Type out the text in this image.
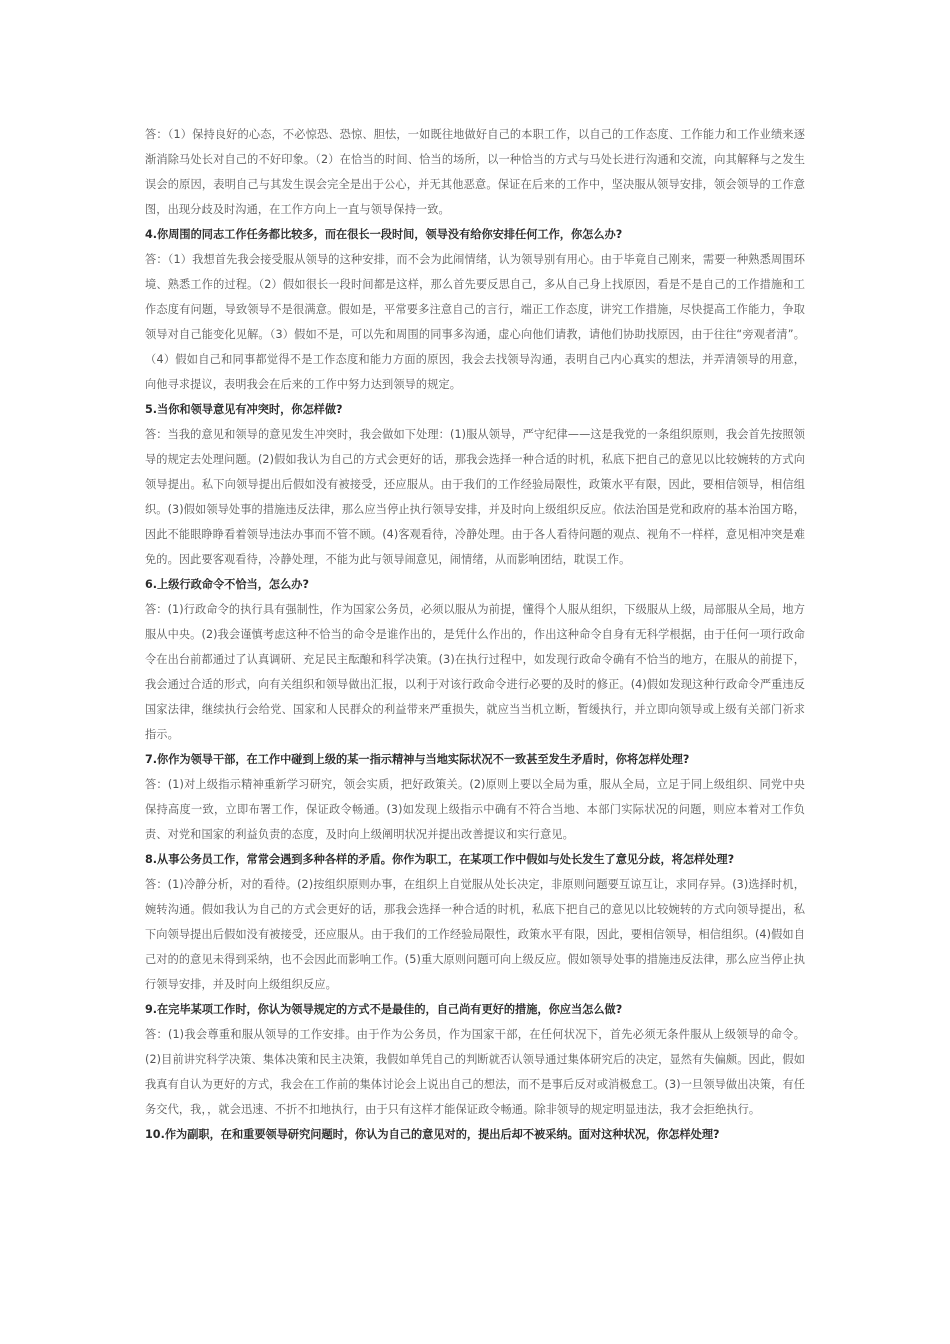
答：（1）保持良好的心态，不必惊恐、恐惊、胆怯，一如既往地做好自己的本职工作，以自己的工作态度、工作能力和工作业绩来逐渐消除马处长对自己的不好印象。（2）在恰当的时间、恰当的场所，以一种恰当的方式与马处长进行沟通和交流，向其解释与之发生误会的原因，表明自己与其发生误会完全是出于公心，并无其他恶意。保证在后来的工作中，坚决服从领导安排，领会领导的工作意图，出现分歧及时沟通，在工作方向上一直与领导保持一致。

4.你周围的同志工作任务都比较多，而在很长一段时间，领导没有给你安排任何工作，你怎么办?

答：（1）我想首先我会接受服从领导的这种安排，而不会为此闹情绪，认为领导别有用心。由于毕竟自己刚来，需要一种熟悉周围环境、熟悉工作的过程。（2）假如很长一段时间都是这样，那么首先要反思自己，多从自己身上找原因，看是不是自己的工作措施和工作态度有问题，导致领导不是很满意。假如是，平常要多注意自己的言行，端正工作态度，讲究工作措施，尽快提高工作能力，争取领导对自己能变化见解。（3）假如不是，可以先和周围的同事多沟通，虚心向他们请教，请他们协助找原因，由于往往“旁观者清”。（4）假如自己和同事都觉得不是工作态度和能力方面的原因，我会去找领导沟通，表明自己内心真实的想法，并弄清领导的用意，向他寻求提议，表明我会在后来的工作中努力达到领导的规定。

5.当你和领导意见有冲突时，你怎样做?

答：当我的意见和领导的意见发生冲突时，我会做如下处理：(1)服从领导，严守纪律——这是我党的一条组织原则，我会首先按照领导的规定去处理问题。(2)假如我认为自己的方式会更好的话，那我会选择一种合适的时机，私底下把自己的意见以比较婉转的方式向领导提出。私下向领导提出后假如没有被接受，还应服从。由于我们的工作经验局限性，政策水平有限，因此，要相信领导，相信组织。(3)假如领导处事的措施违反法律，那么应当停止执行领导安排，并及时向上级组织反应。依法治国是党和政府的基本治国方略，因此不能眼睁睁看着领导违法办事而不管不顾。(4)客观看待，冷静处理。由于各人看待问题的观点、视角不一样样，意见相冲突是难免的。因此要客观看待，冷静处理，不能为此与领导闹意见，闹情绪，从而影响团结，耽误工作。

6.上级行政命令不恰当，怎么办?

答：(1)行政命令的执行具有强制性，作为国家公务员，必须以服从为前提，懂得个人服从组织，下级服从上级，局部服从全局，地方服从中央。(2)我会谨慎考虑这种不恰当的命令是谁作出的，是凭什么作出的，作出这种命令自身有无科学根据，由于任何一项行政命令在出台前都通过了认真调研、充足民主酝酿和科学决策。(3)在执行过程中，如发现行政命令确有不恰当的地方，在服从的前提下，我会通过合适的形式，向有关组织和领导做出汇报，以利于对该行政命令进行必要的及时的修正。(4)假如发现这种行政命令严重违反国家法律，继续执行会给党、国家和人民群众的利益带来严重损失，就应当当机立断，暂缓执行，并立即向领导或上级有关部门祈求指示。

7.你作为领导干部，在工作中碰到上级的某一指示精神与当地实际状况不一致甚至发生矛盾时，你将怎样处理?

答：(1)对上级指示精神重新学习研究，领会实质，把好政策关。(2)原则上要以全局为重，服从全局，立足于同上级组织、同党中央保持高度一致，立即布署工作，保证政令畅通。(3)如发现上级指示中确有不符合当地、本部门实际状况的问题，则应本着对工作负责、对党和国家的利益负责的态度，及时向上级阐明状况并提出改善提议和实行意见。

8.从事公务员工作，常常会遇到多种各样的矛盾。你作为职工，在某项工作中假如与处长发生了意见分歧，将怎样处理?

答：(1)冷静分析，对的看待。(2)按组织原则办事，在组织上自觉服从处长决定，非原则问题要互谅互让，求同存异。(3)选择时机，婉转沟通。假如我认为自己的方式会更好的话，那我会选择一种合适的时机，私底下把自己的意见以比较婉转的方式向领导提出，私下向领导提出后假如没有被接受，还应服从。由于我们的工作经验局限性，政策水平有限，因此，要相信领导，相信组织。(4)假如自己对的的意见未得到采纳，也不会因此而影响工作。(5)重大原则问题可向上级反应。假如领导处事的措施违反法律，那么应当停止执行领导安排，并及时向上级组织反应。

9.在完毕某项工作时，你认为领导规定的方式不是最佳的，自己尚有更好的措施，你应当怎么做?

答：(1)我会尊重和服从领导的工作安排。由于作为公务员，作为国家干部，在任何状况下，首先必须无条件服从上级领导的命令。(2)目前讲究科学决策、集体决策和民主决策，我假如单凭自己的判断就否认领导通过集体研究后的决定，显然有失偏颇。因此，假如我真有自认为更好的方式，我会在工作前的集体讨论会上说出自己的想法，而不是事后反对或消极怠工。(3)一旦领导做出决策，有任务交代，我，，就会迅速、不折不扣地执行，由于只有这样才能保证政令畅通。除非领导的规定明显违法，我才会拒绝执行。

10.作为副职，在和重要领导研究问题时，你认为自己的意见对的，提出后却不被采纳。面对这种状况，你怎样处理?
